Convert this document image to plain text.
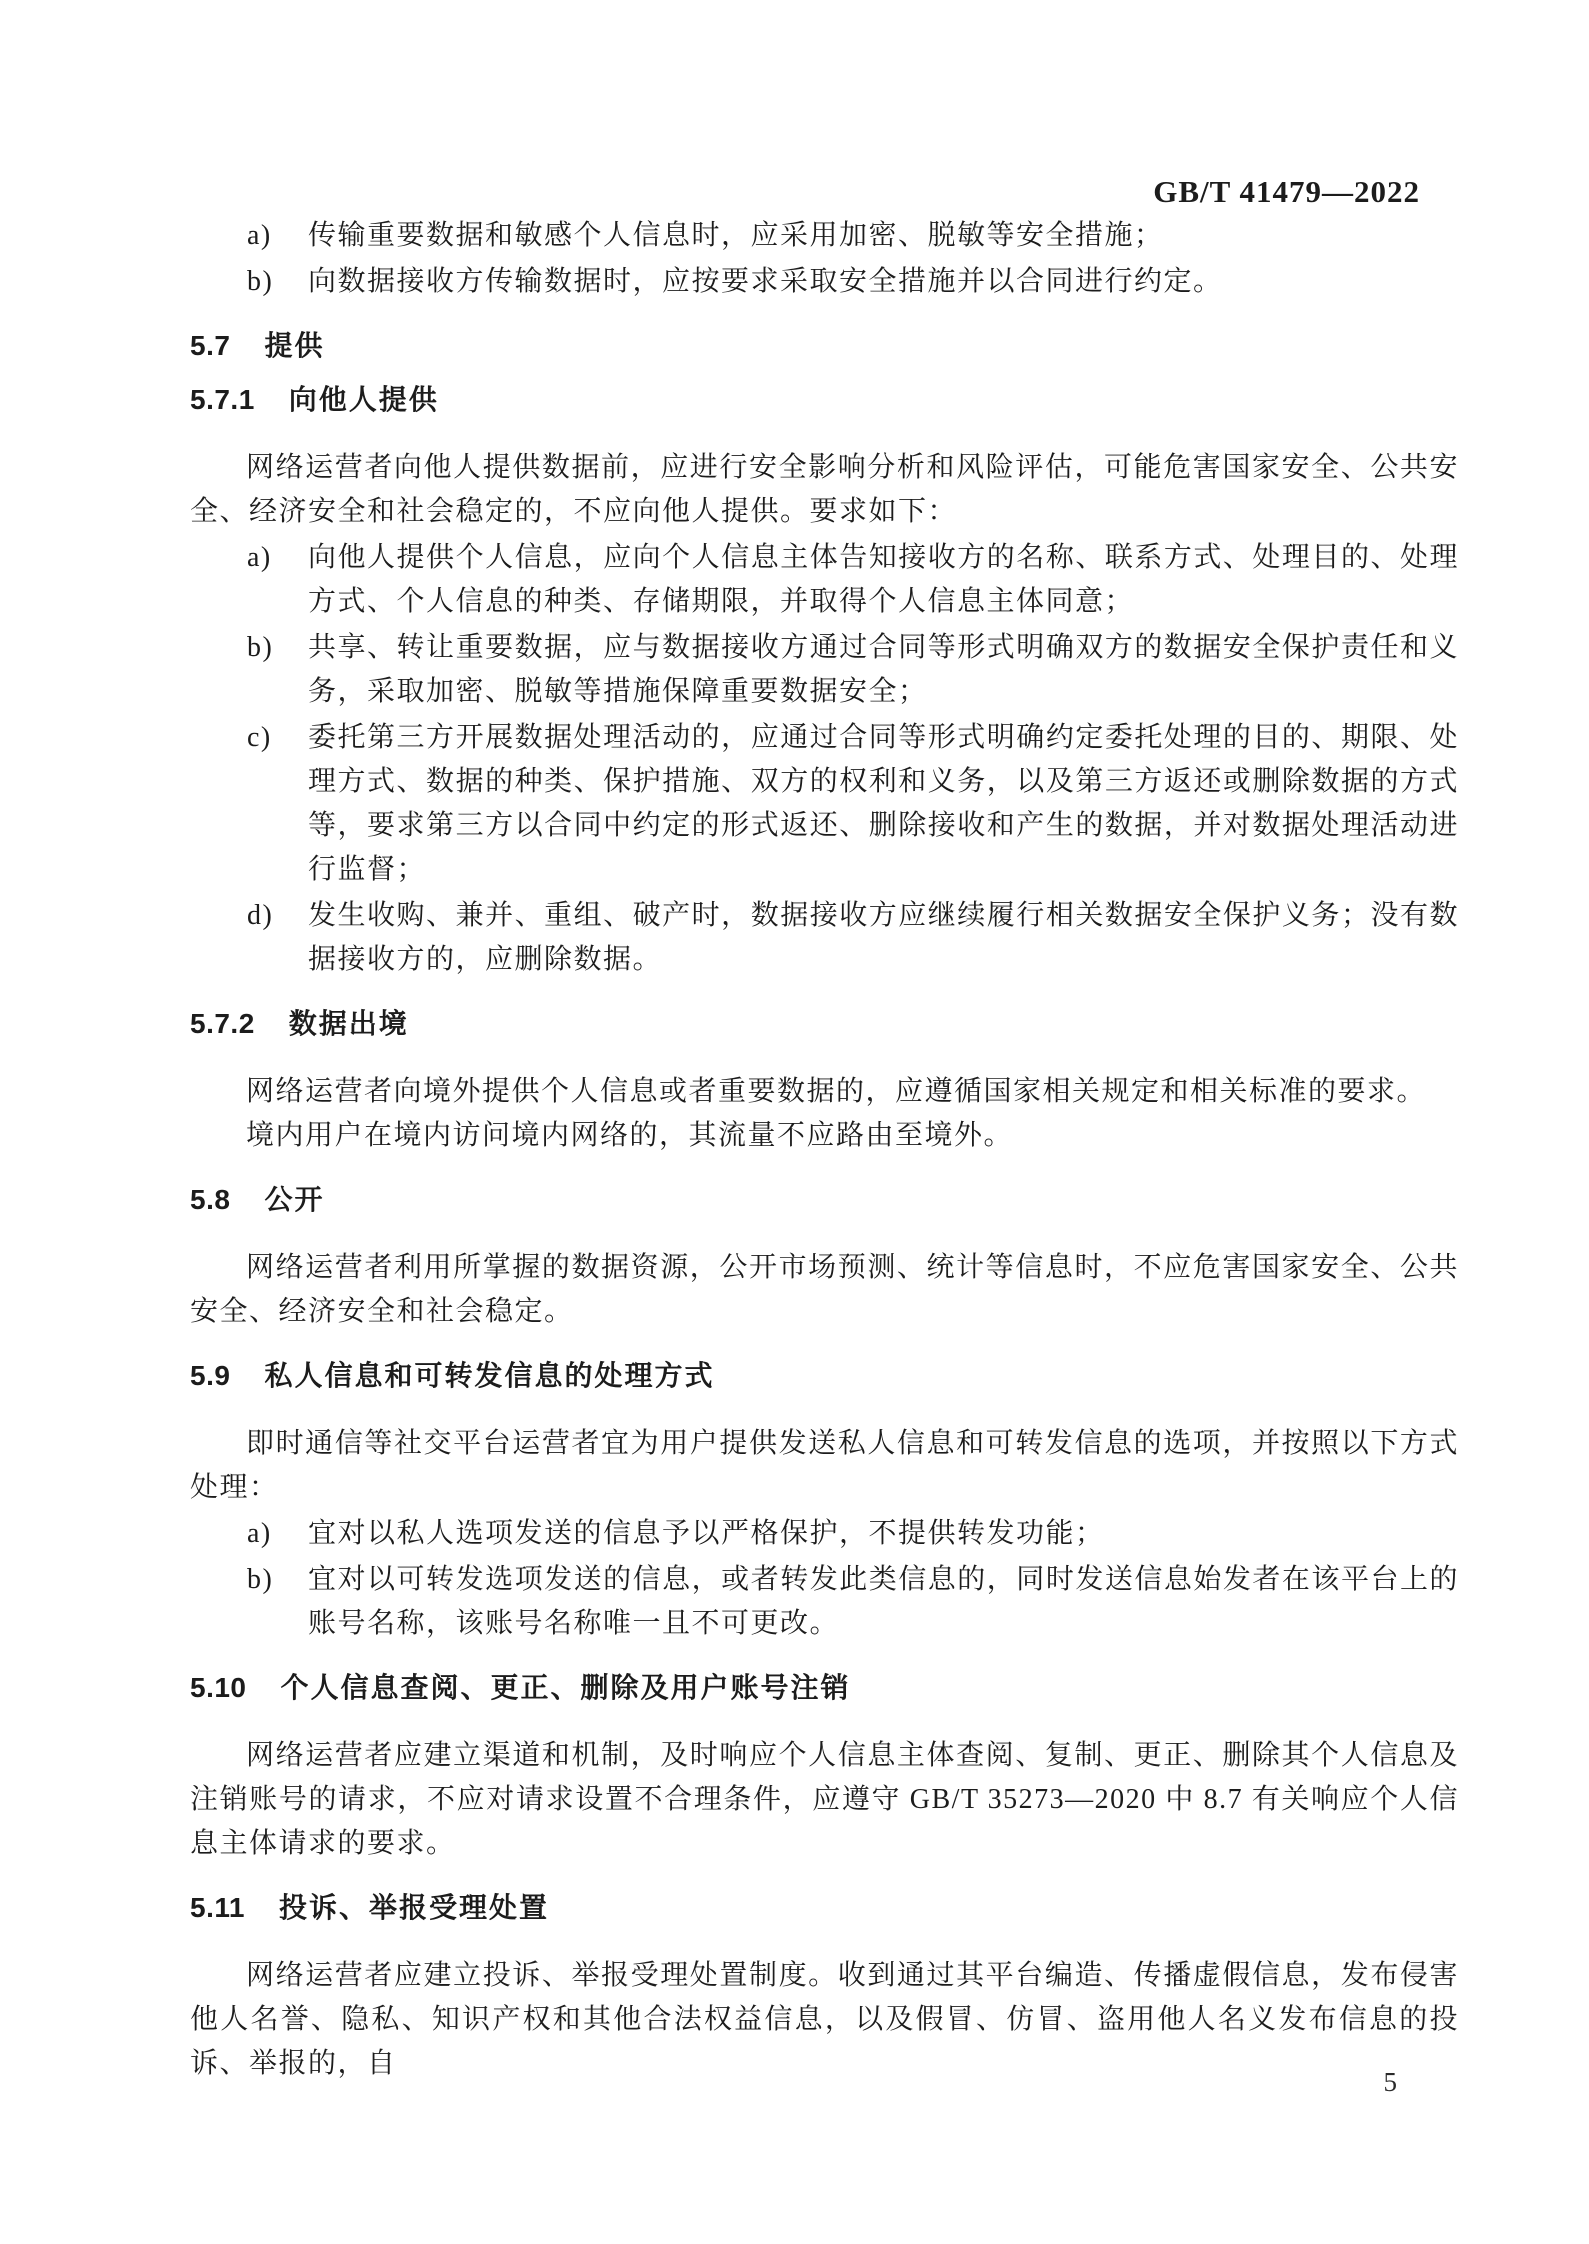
GB/T 41479—2022
a) 传输重要数据和敏感个人信息时，应采用加密、脱敏等安全措施；
b) 向数据接收方传输数据时，应按要求采取安全措施并以合同进行约定。
5.7 提供
5.7.1 向他人提供

网络运营者向他人提供数据前，应进行安全影响分析和风险评估，可能危害国家安全、公共安全、经济安全和社会稳定的，不应向他人提供。要求如下：

a) 向他人提供个人信息，应向个人信息主体告知接收方的名称、联系方式、处理目的、处理方式、个人信息的种类、存储期限，并取得个人信息主体同意；
b) 共享、转让重要数据，应与数据接收方通过合同等形式明确双方的数据安全保护责任和义务，采取加密、脱敏等措施保障重要数据安全；
c) 委托第三方开展数据处理活动的，应通过合同等形式明确约定委托处理的目的、期限、处理方式、数据的种类、保护措施、双方的权利和义务，以及第三方返还或删除数据的方式等，要求第三方以合同中约定的形式返还、删除接收和产生的数据，并对数据处理活动进行监督；
d) 发生收购、兼并、重组、破产时，数据接收方应继续履行相关数据安全保护义务；没有数据接收方的，应删除数据。
5.7.2 数据出境

网络运营者向境外提供个人信息或者重要数据的，应遵循国家相关规定和相关标准的要求。

境内用户在境内访问境内网络的，其流量不应路由至境外。

5.8 公开

网络运营者利用所掌握的数据资源，公开市场预测、统计等信息时，不应危害国家安全、公共安全、经济安全和社会稳定。

5.9 私人信息和可转发信息的处理方式

即时通信等社交平台运营者宜为用户提供发送私人信息和可转发信息的选项，并按照以下方式处理：

a) 宜对以私人选项发送的信息予以严格保护，不提供转发功能；
b) 宜对以可转发选项发送的信息，或者转发此类信息的，同时发送信息始发者在该平台上的账号名称，该账号名称唯一且不可更改。
5.10 个人信息查阅、更正、删除及用户账号注销

网络运营者应建立渠道和机制，及时响应个人信息主体查阅、复制、更正、删除其个人信息及注销账号的请求，不应对请求设置不合理条件，应遵守 GB/T 35273—2020 中 8.7 有关响应个人信息主体请求的要求。

5.11 投诉、举报受理处置

网络运营者应建立投诉、举报受理处置制度。收到通过其平台编造、传播虚假信息，发布侵害他人名誉、隐私、知识产权和其他合法权益信息，以及假冒、仿冒、盗用他人名义发布信息的投诉、举报的，自

5
